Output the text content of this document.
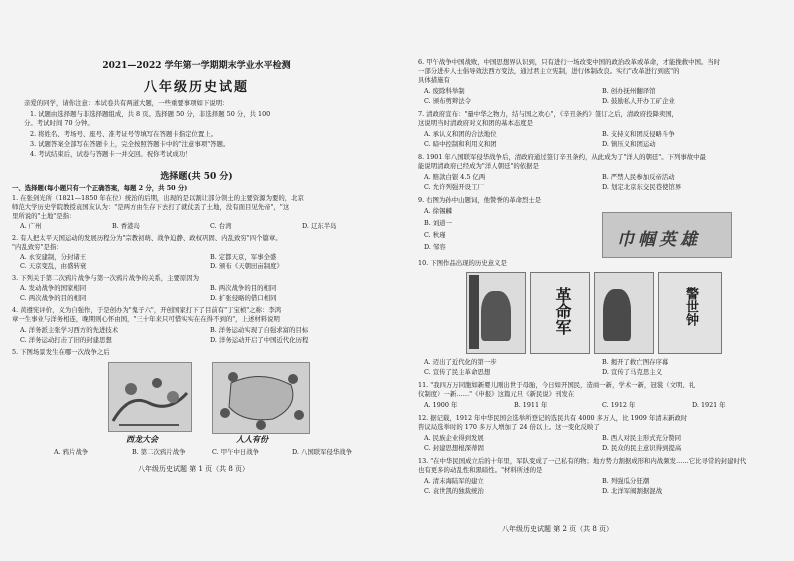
2021—2022 学年第一学期期末学业水平检测
八年级历史试题
亲爱的同学，请你注意：本试卷共有两道大题，一些重要事项如下说明：
1. 试题由选择题与非选择题组成，共 8 页。选择题 50 分，非选择题 50 分，共 100
分。考试时间 70 分钟。
2. 将姓名、考场号、座号、准考证号等填写在答题卡指定位置上。
3. 试题答案全部写在答题卡上，完全按照答题卡中的"注意事项"答题。
4. 考试结束后，试卷与答题卡一并交回。祝你考试成功！
选择题(共 50 分)
一、选择题(每小题只有一个正确答案，每题 2 分，共 50 分)
1. 在张剑光所（1821—1850 年在位）统治的后期，出现的是以割让部分领土的主要资源为要的，北京
师范大学历史学院教授袁国友认为："是两方由生存下去打了就仗丢了土地，没有面目见先帝"，"这
里所说的"土地"是指：
A. 广州	B. 香港岛	C. 台湾	D. 辽东半岛
2. 有人把太平天国运动的发展历程分为"宗教初萌、战争迫静、政权巩固、内乱致穷"四个篇章。
"内乱致穷"是指：
A. 永安建制，分封诸王	B. 定都天京，军事全盛
C. 天京变乱，由盛转衰	D. 颁布《天朝田亩制度》
3. 下列关于第二次鸦片战争与第一次鸦片战争的关系，主要原因为
A. 发动战争的国家相同	B. 两次战争的目的相同
C. 两次战争的目的相同	D. 扩张侵略的借口相同
4. 黄遵宪评价，义为自强作，于是创办为"鬼子六"，开创国家打下了目前有"丁宝桢"之称：李鸿
章一生事业与洋务相连，晚期则心怀由国，"三十年来只可惜实实在在得不到的"，上述材料说明
A. 洋务派主张学习西方的先进技术	B. 洋务运动实现了自强求富的目标
C. 洋务运动打击了旧的封建思想	D. 洋务运动开启了中国近代化历程
5. 下图场景发生在哪一次战争之后
西龙大会	人人有份
A. 鸦片战争	B. 第二次鸦片战争	C. 甲午中日战争	D. 八国联军侵华战争
八年级历史试题 第 1 页（共 8 页）
6. 甲午战争中国战败，中国思想界认识到，只有进行一场改变中国的政治改革或革命，才能挽救中国。当时
一部分进步人士倡导效法西方变法，通过君主立宪制，进行体制改良。实行"改革进行到底"的
具体措施有
A. 废除科举制	B. 创办抚州翻译馆
C. 颁布剪辫法令	D. 鼓励私人开办工矿企业
7. 清政府宣布："量中华之物力，结与国之欢心"，《辛丑条约》签订之后，清政府投降卖国，
这说明当时清政府对义和团的基本态度是
A. 承认义和团的合法地位	B. 支持义和团反侵略斗争
C. 暗中控制和利用义和团	D. 镇压义和团运动
8. 1901 年八国联军侵华战争后，清政府通过签订辛丑条约，从此成为了"洋人的朝廷"。下列事故中最
能说明清政府已经成为"洋人朝廷"的依据是
A. 赔款白银 4.5 亿两	B. 严禁人民参加反帝活动
C. 允许列强开设工厂	D. 划定北京东交民巷使馆界
9. 右图为孙中山题词，他赞誉的革命烈士是
A. 徐锡麟
B. 刘道一
C. 秋瑾
D. 邹容	巾帼英雄
10. 下图作品出现的历史意义是
革命军	警世钟
A. 迈出了近代化的第一步	B. 揭开了救亡图存序幕
C. 宣传了民主革命思想	D. 宣传了马克思主义
11. "我四万万同胞如新婴儿刚出世于母胎，今日如开国民，造商一新，学术一新，冠裳（文明、礼
仪制度）一新……"《申报》这篇元旦《新民说》刊发在
A. 1900 年	B. 1911 年	C. 1912 年	D. 1921 年
12. 据记载，1912 年中华民国会选举所登记的选民共有 4000 多万人，比 1909 年清末新政时
咨议局选举时的 170 多万人增加了 24 倍以上。这一变化反映了
A. 民族企业得到发展	B. 西人对民主形式充分赞同
C. 封建思想根深蒂固	D. 民众的民主意识得到提高
13. "在中华民国成立后的十年里，军队变成了一己私有的物；地方势力割据成形和内战频发……它比寻常的封建时代
也有更多的动乱性和黑暗性。"材料所述的是
A. 清末海陆军的建立	B. 列强瓜分狂潮
C. 袁世凯的独裁统治	D. 北洋军阀割据混战
八年级历史试题 第 2 页（共 8 页）
